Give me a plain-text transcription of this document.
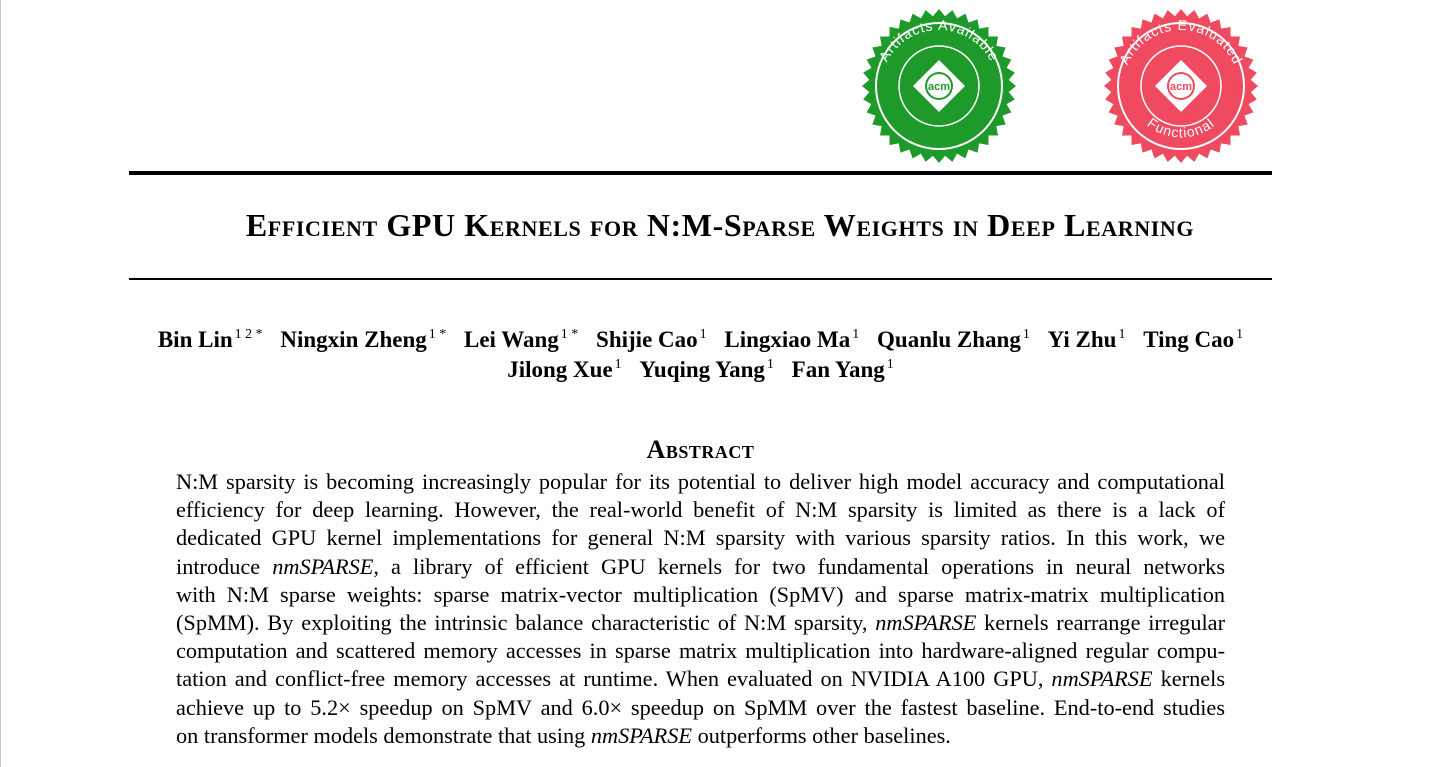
acm
Artifacts Available
acm
Artifacts Evaluated
Functional
Efficient GPU Kernels for N:M-Sparse Weights in Deep Learning
Bin Lin $^{1 2 *}$ Ningxin Zheng $^{1 *}$ Lei Wang $^{1 *}$ Shijie Cao $^1$ Lingxiao Ma $^1$ Quanlu Zhang $^1$ Yi Zhu $^1$ Ting Cao $^1$
Jilong Xue $^1$ Yuqing Yang $^1$ Fan Yang $^1$
Abstract
N:M sparsity is becoming increasingly popular for its potential to deliver high model accuracy and computational
efficiency for deep learning. However, the real-world benefit of N:M sparsity is limited as there is a lack of
dedicated GPU kernel implementations for general N:M sparsity with various sparsity ratios. In this work, we
introduce nmSPARSE, a library of efficient GPU kernels for two fundamental operations in neural networks
with N:M sparse weights: sparse matrix-vector multiplication (SpMV) and sparse matrix-matrix multiplication
(SpMM). By exploiting the intrinsic balance characteristic of N:M sparsity, nmSPARSE kernels rearrange irregular
computation and scattered memory accesses in sparse matrix multiplication into hardware-aligned regular compu-
tation and conflict-free memory accesses at runtime. When evaluated on NVIDIA A100 GPU, nmSPARSE kernels
achieve up to 5.2× speedup on SpMV and 6.0× speedup on SpMM over the fastest baseline. End-to-end studies
on transformer models demonstrate that using nmSPARSE outperforms other baselines.
